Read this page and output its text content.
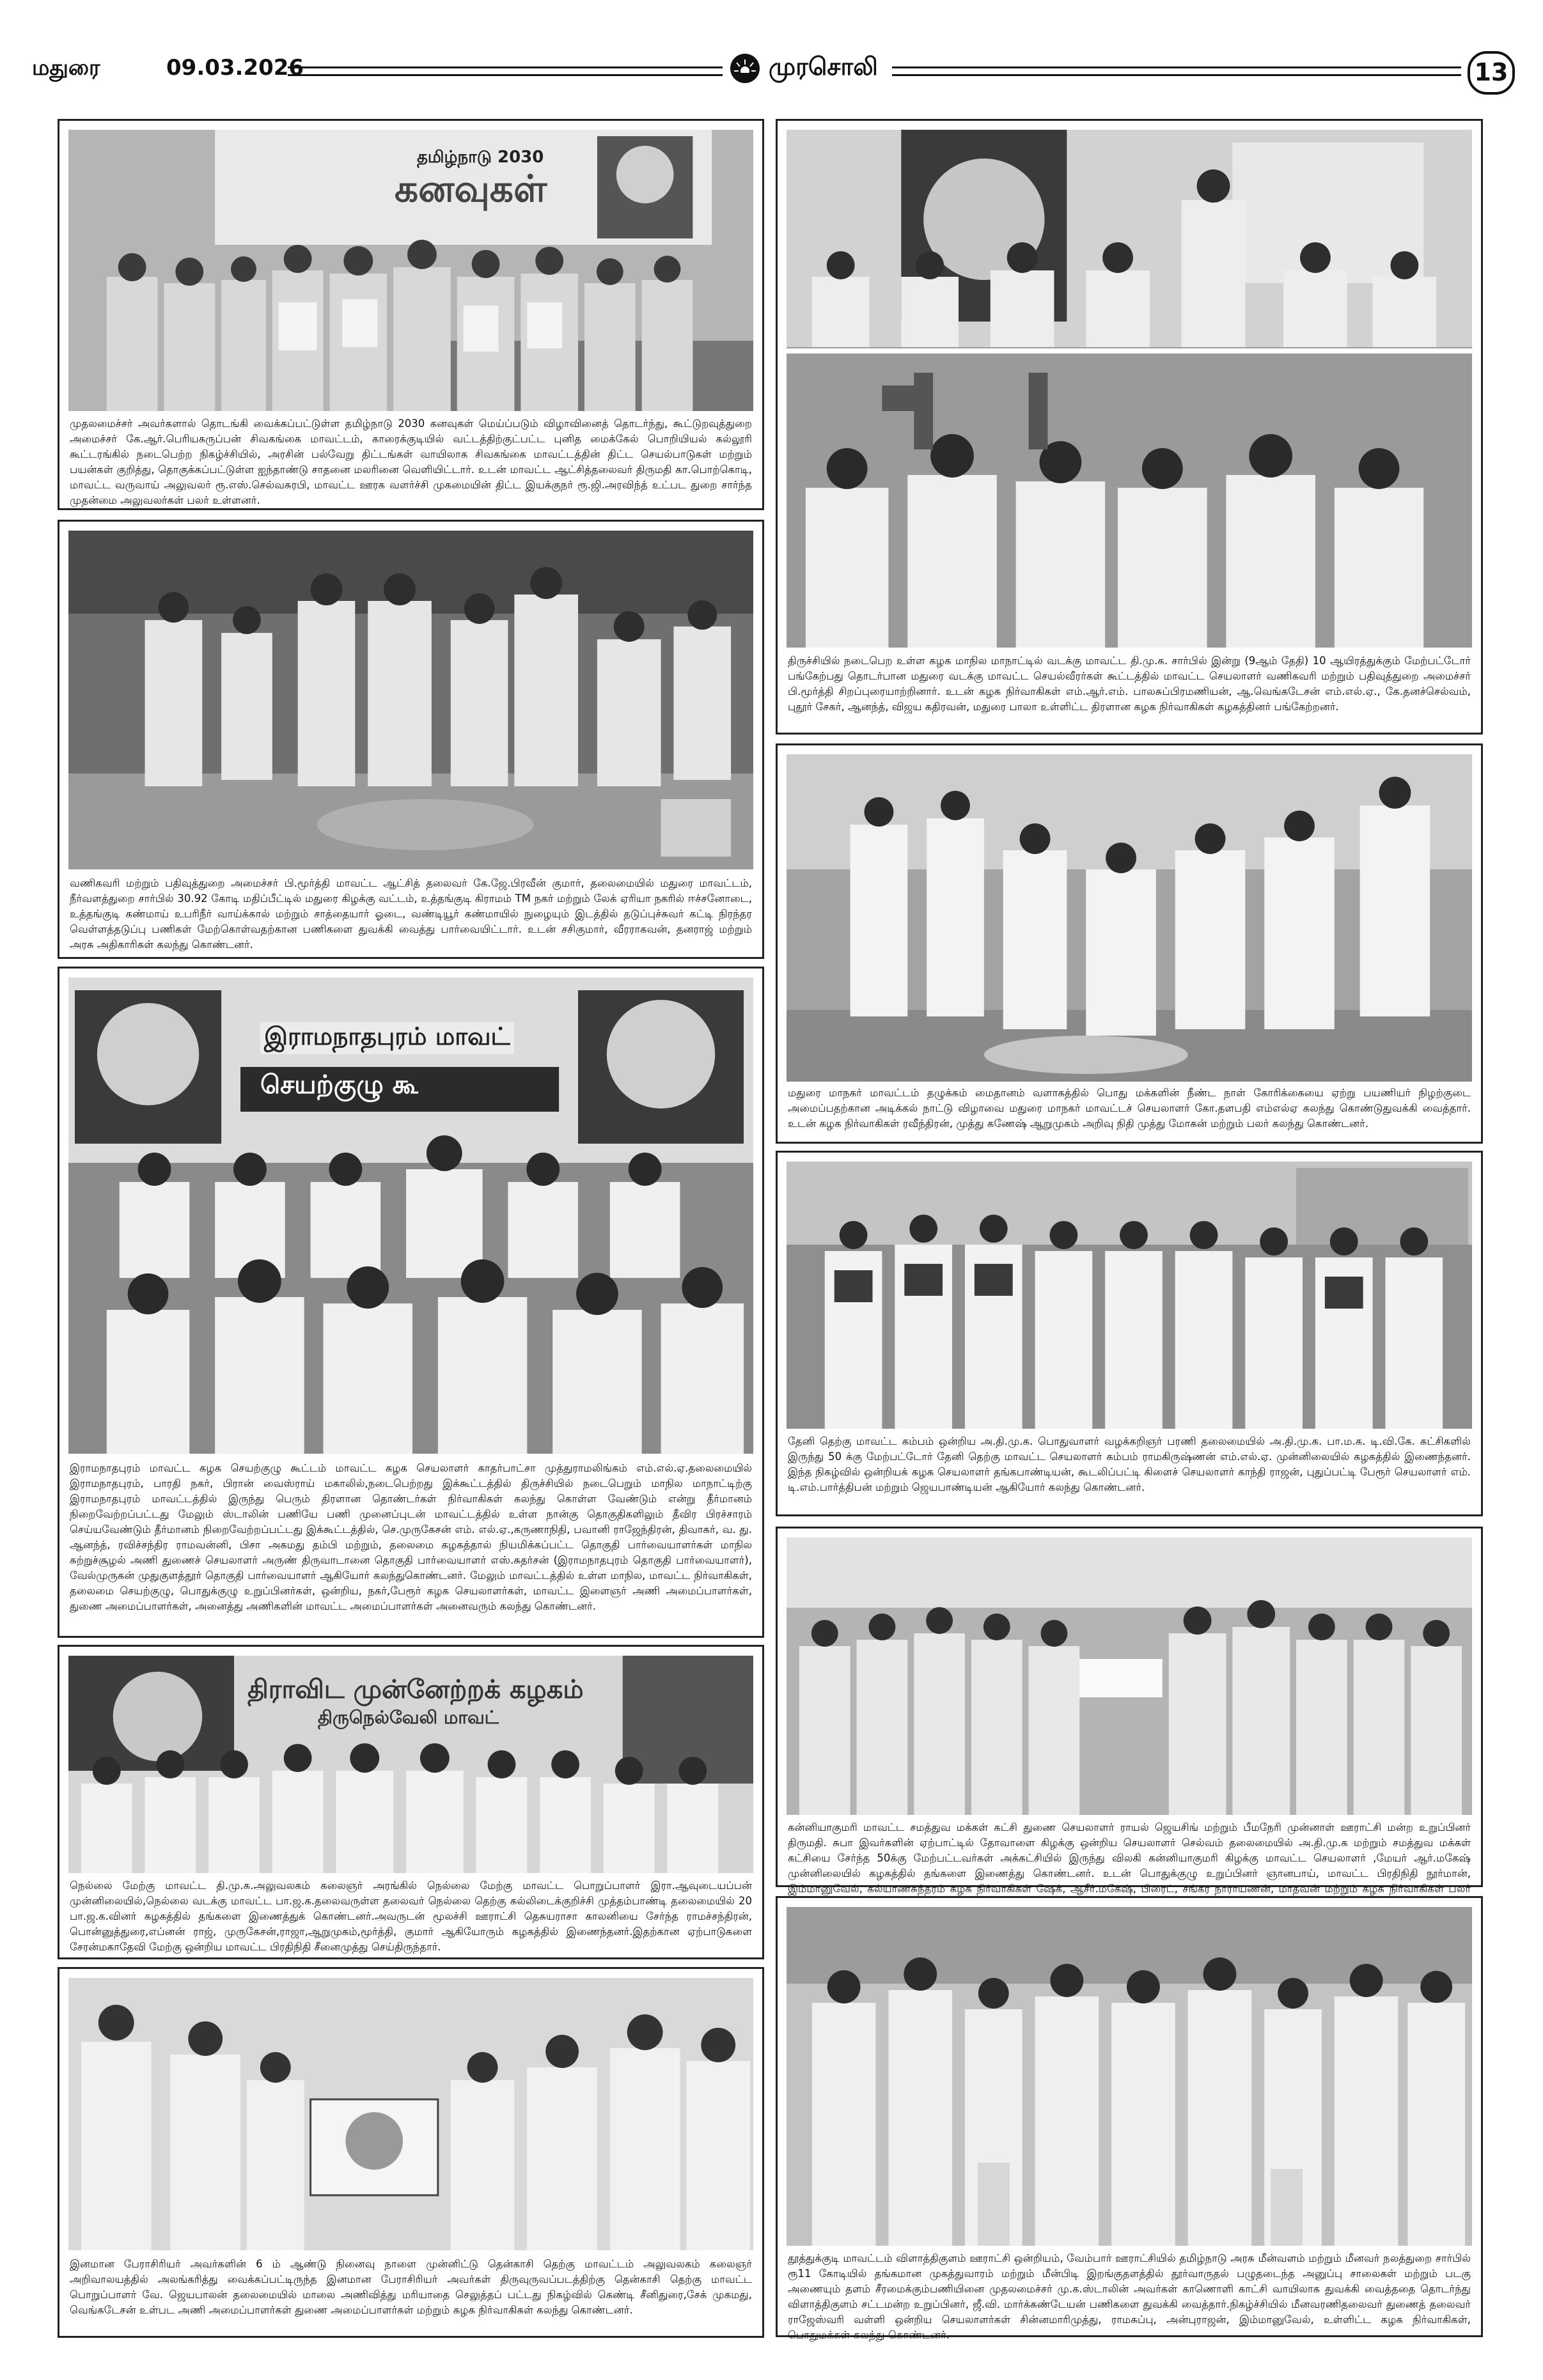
மதுரை	09.03.2026	முரசொலி	13
தமிழ்நாடு 2030
கனவுகள்
முதலமைச்சர் அவர்களால் தொடங்கி வைக்கப்பட்டுள்ள தமிழ்நாடு 2030 கனவுகள் மெய்ப்படும் விழாவினைத் தொடர்ந்து, கூட்டுறவுத்துறை அமைச்சர் கே.ஆர்.பெரியகருப்பன் சிவகங்கை மாவட்டம், காரைக்குடியில் வட்டத்திற்குட்பட்ட புனித மைக்கேல் பொறியியல் கல்லூரி கூட்டரங்கில் நடைபெற்ற நிகழ்ச்சியில், அரசின் பல்வேறு திட்டங்கள் வாயிலாக சிவகங்கை மாவட்டத்தின் திட்ட செயல்பாடுகள் மற்றும் பயன்கள் குறித்து, தொகுக்கப்பட்டுள்ள ஐந்தாண்டு சாதனை மலரினை வெளியிட்டார். உடன் மாவட்ட ஆட்சித்தலைவர் திருமதி கா.பொற்கொடி, மாவட்ட வருவாய் அலுவலர் ரூ.எஸ்.செல்வசுரபி, மாவட்ட ஊரக வளர்ச்சி முகமையின் திட்ட இயக்குநர் ரூ.ஜி.அரவிந்த் உட்பட துறை சார்ந்த முதன்மை அலுவலர்கள் பலர் உள்ளனர்.
வணிகவரி மற்றும் பதிவுத்துறை அமைச்சர் பி.மூர்த்தி மாவட்ட ஆட்சித் தலைவர் கே.ஜே.பிரவீன் குமார், தலைமையில் மதுரை மாவட்டம், நீர்வளத்துறை சார்பில் 30.92 கோடி மதிப்பீட்டில் மதுரை கிழக்கு வட்டம், உத்தங்குடி கிராமம் TM நகர் மற்றும் லேக் ஏரியா நகரில் ஈச்சனோடை, உத்தங்குடி கண்மாய் உபரிநீர் வாய்க்கால் மற்றும் சாத்தையார் ஓடை, வண்டியூர் கண்மாயில் நுழையும் இடத்தில் தடுப்புச்சுவர் கட்டி நிரந்தர வெள்ளத்தடுப்பு பணிகள் மேற்கொள்வதற்கான பணிகளை துவக்கி வைத்து பார்வையிட்டார். உடன் சசிகுமார், வீரராகவன், தனராஜ் மற்றும் அரசு அதிகாரிகள் கலந்து கொண்டனர்.
இராமநாதபுரம் மாவட்
செயற்குழு கூ
இராமநாதபுரம் மாவட்ட கழக செயற்குழு கூட்டம் மாவட்ட கழக செயலாளர் காதர்பாட்சா முத்துராமலிங்கம் எம்.எல்.ஏ.தலைமையில் இராமநாதபுரம், பாரதி நகர், பிரான் வைஸ்ராய் மகாலில்,நடைபெற்றது இக்கூட்டத்தில் திருச்சியில் நடைபெறும் மாநில மாநாட்டிற்கு இராமநாதபுரம் மாவட்டத்தில் இருந்து பெரும் திரளான தொண்டர்கள் நிர்வாகிகள் கலந்து கொள்ள வேண்டும் என்று தீர்மானம் நிறைவேற்றப்பட்டது மேலும் ஸ்டாலின் பணியே பணி முனைப்புடன் மாவட்டத்தில் உள்ள நான்கு தொகுதிகளிலும் தீவிர பிரச்சாரம் செய்யவேண்டும் தீர்மானம் நிறைவேற்றப்பட்டது இக்கூட்டத்தில், செ.முருகேசன் எம். எல்.ஏ.,கருணாநிதி, பவானி ராஜேந்திரன், திவாகர், வ. து. ஆனந்த், ரவிச்சந்திர ராமவன்னி, பிசா அகமது தம்பி மற்றும், தலைமை கழகத்தால் நியமிக்கப்பட்ட தொகுதி பார்வையாளர்கள் மாநில சுற்றுச்சூழல் அணி துணைச் செயலாளர் அருண் திருவாடானை தொகுதி பார்வையாளர் எஸ்.சுதர்சன் (இராமநாதபுரம் தொகுதி பார்வையாளர்), வேல்முருகன் முதுகுளத்தூர் தொகுதி பார்வையாளர் ஆகியோர் கலந்துகொண்டனர். மேலும் மாவட்டத்தில் உள்ள மாநில, மாவட்ட நிர்வாகிகள், தலைமை செயற்குழு, பொதுக்குழு உறுப்பினர்கள், ஒன்றிய, நகர்,பேரூர் கழக செயலாளர்கள், மாவட்ட இளைஞர் அணி அமைப்பாளர்கள், துணை அமைப்பாளர்கள், அனைத்து அணிகளின் மாவட்ட அமைப்பாளர்கள் அனைவரும் கலந்து கொண்டனர்.
திராவிட முன்னேற்றக் கழகம்
திருநெல்வேலி மாவட்
நெல்லை மேற்கு மாவட்ட தி.மு.க.அலுவலகம் கலைஞர் அரங்கில் நெல்லை மேற்கு மாவட்ட பொறுப்பாளர் இரா.ஆவுடையப்பன் முன்னிலையில்,நெல்லை வடக்கு மாவட்ட பா.ஜ.க.தலைவருள்ள தலைவர் நெல்லை தெற்கு கல்லிடைக்குறிச்சி முத்தம்பாண்டி தலைமையில் 20 பா.ஜ.க.வினர் கழகத்தில் தங்களை இணைத்துக் கொண்டனர்.அவருடன் மூலச்சி ஊராட்சி தெசுயராசா காலனியை சேர்ந்த ராமச்சந்திரன், பொன்னுத்துரை,எப்னன் ராஜ், முருகேசன்,ராஜா,ஆறுமுகம்,மூர்த்தி, குமார் ஆகியோரும் கழகத்தில் இணைந்தனர்.இதற்கான ஏற்பாடுகளை சேரன்மகாதேவி மேற்கு ஒன்றிய மாவட்ட பிரதிநிதி சீனைமுத்து செய்திருந்தார்.
இனமான பேராசிரியர் அவர்களின் 6 ம் ஆண்டு நினைவு நாளை முன்னிட்டு தென்காசி தெற்கு மாவட்டம் அலுவலகம் கலைஞர் அறிவாலயத்தில் அலங்கரித்து வைக்கப்பட்டிருந்த இனமான பேராசிரியர் அவர்கள் திருவுருவப்படத்திற்கு தென்காசி தெற்கு மாவட்ட பொறுப்பாளர் வே. ஜெயபாலன் தலைமையில் மாலை அணிவித்து மரியாதை செலுத்தப் பட்டது நிகழ்வில் கெண்டி சீனிதுரை,சேக் முகமது, வெங்கடேசன் உள்பட அணி அமைப்பாளர்கள் துணை அமைப்பாளர்கள் மற்றும் கழக நிர்வாகிகள் கலந்து கொண்டனர்.
திருச்சியில் நடைபெற உள்ள கழக மாநில மாநாட்டில் வடக்கு மாவட்ட தி.மு.க. சார்பில் இன்று (9ஆம் தேதி) 10 ஆயிரத்துக்கும் மேற்பட்டோர் பங்கேற்பது தொடர்பான மதுரை வடக்கு மாவட்ட செயல்வீரர்கள் கூட்டத்தில் மாவட்ட செயலாளர் வணிகவரி மற்றும் பதிவுத்துறை அமைச்சர் பி.மூர்த்தி சிறப்புரையாற்றினார். உடன் கழக நிர்வாகிகள் எம்.ஆர்.எம். பாலசுப்பிரமணியன், ஆ.வெங்கடேசன் எம்.எல்.ஏ., கே.தனச்செல்வம், புதூர் சேகர், ஆனந்த், விஜய கதிரவன், மதுரை பாலா உள்ளிட்ட திரளான கழக நிர்வாகிகள் கழகத்தினர் பங்கேற்றனர்.
மதுரை மாநகர் மாவட்டம் தழுக்கம் மைதானம் வளாகத்தில் பொது மக்களின் நீண்ட நாள் கோரிக்கையை ஏற்று பயணியர் நிழற்குடை அமைப்பதற்கான அடிக்கல் நாட்டு விழாவை மதுரை மாநகர் மாவட்டச் செயலாளர் கோ.தளபதி எம்எல்ஏ கலந்து கொண்டுதுவக்கி வைத்தார். உடன் கழக நிர்வாகிகள் ரவீந்திரன், முத்து கணேஷ் ஆறுமுகம் அறிவு நிதி முத்து மோகன் மற்றும் பலர் கலந்து கொண்டனர்.
தேனி தெற்கு மாவட்ட கம்பம் ஒன்றிய அ.தி.மு.க. பொதுவாளர் வழக்கறிஞர் பரணி தலைமையில் அ.தி.மு.க. பா.ம.க. டி.வி.கே. கட்சிகளில் இருந்து 50 க்கு மேற்பட்டோர் தேனி தெற்கு மாவட்ட செயலாளர் கம்பம் ராமகிருஷ்ணன் எம்.எல்.ஏ. முன்னிலையில் கழகத்தில் இணைந்தனர். இந்த நிகழ்வில் ஒன்றியக் கழக செயலாளர் தங்கபாண்டியன், கூடலிப்பட்டி கிளைச் செயலாளர் காந்தி ராஜன், புதுப்பட்டி பேரூர் செயலாளர் எம். டி.எம்.பார்த்திபன் மற்றும் ஜெயபாண்டியன் ஆகியோர் கலந்து கொண்டனர்.
கன்னியாகுமரி மாவட்ட சமத்துவ மக்கள் கட்சி துணை செயலாளர் ராயல் ஜெயசிங் மற்றும் பீமநேரி முன்னாள் ஊராட்சி மன்ற உறுப்பினர் திருமதி. சுபா இவர்களின் ஏற்பாட்டில் தோவாளை கிழக்கு ஒன்றிய செயலாளர் செல்வம் தலைமையில் அ.தி.மு.க மற்றும் சமத்துவ மக்கள் கட்சியை சேர்ந்த 50க்கு மேற்பட்டவர்கள் அக்கட்சியில் இருந்து விலகி கன்னியாகுமரி கிழக்கு மாவட்ட செயலாளர் ,மேயர் ஆர்.மகேஷ் முன்னிலையில் கழகத்தில் தங்களை இணைத்து கொண்டனர். உடன் பொதுக்குழு உறுப்பினர் ஞானபாய், மாவட்ட பிரதிநிதி நூர்மான், இம்மானுவேல், கல்யாணசுந்தரம் கழக நிர்வாகிகள் ஷேக், ஆசீர்.மகேஷ், பிரைட், சங்கர நாராயணன், மாதவன் மற்றும் கழக நிர்வாகிகள் பலர்
தூத்துக்குடி மாவட்டம் விளாத்திகுளம் ஊராட்சி ஒன்றியம், வேம்பார் ஊராட்சியில் தமிழ்நாடு அரசு மீன்வளம் மற்றும் மீனவர் நலத்துறை சார்பில் ரூ11 கோடியில் தங்கமான முகத்துவாரம் மற்றும் மீன்பிடி இறங்குதளத்தில் தூர்வாருதல் பழுதடைந்த அனுப்பு சாலைகள் மற்றும் படகு அணையும் தளம் சீரமைக்கும்பணியினை முதலமைச்சர் மு.க.ஸ்டாலின் அவர்கள் காணொளி காட்சி வாயிலாக துவக்கி வைத்ததை தொடர்ந்து விளாத்திகுளம் சட்டமன்ற உறுப்பினர், ஜீ.வி. மார்க்கண்டேயன் பணிகளை துவக்கி வைத்தார்.நிகழ்ச்சியில் மீனவரணிதலைவர் துணைத் தலைவர் ராஜேஸ்வரி வள்ளி ஒன்றிய செயலாளர்கள் சின்னமாரிமுத்து, ராமசுப்பு, அன்புராஜன், இம்மானுவேல், உள்ளிட்ட கழக நிர்வாகிகள், பொதுமக்கள் கலந்து கொண்டனர்.
